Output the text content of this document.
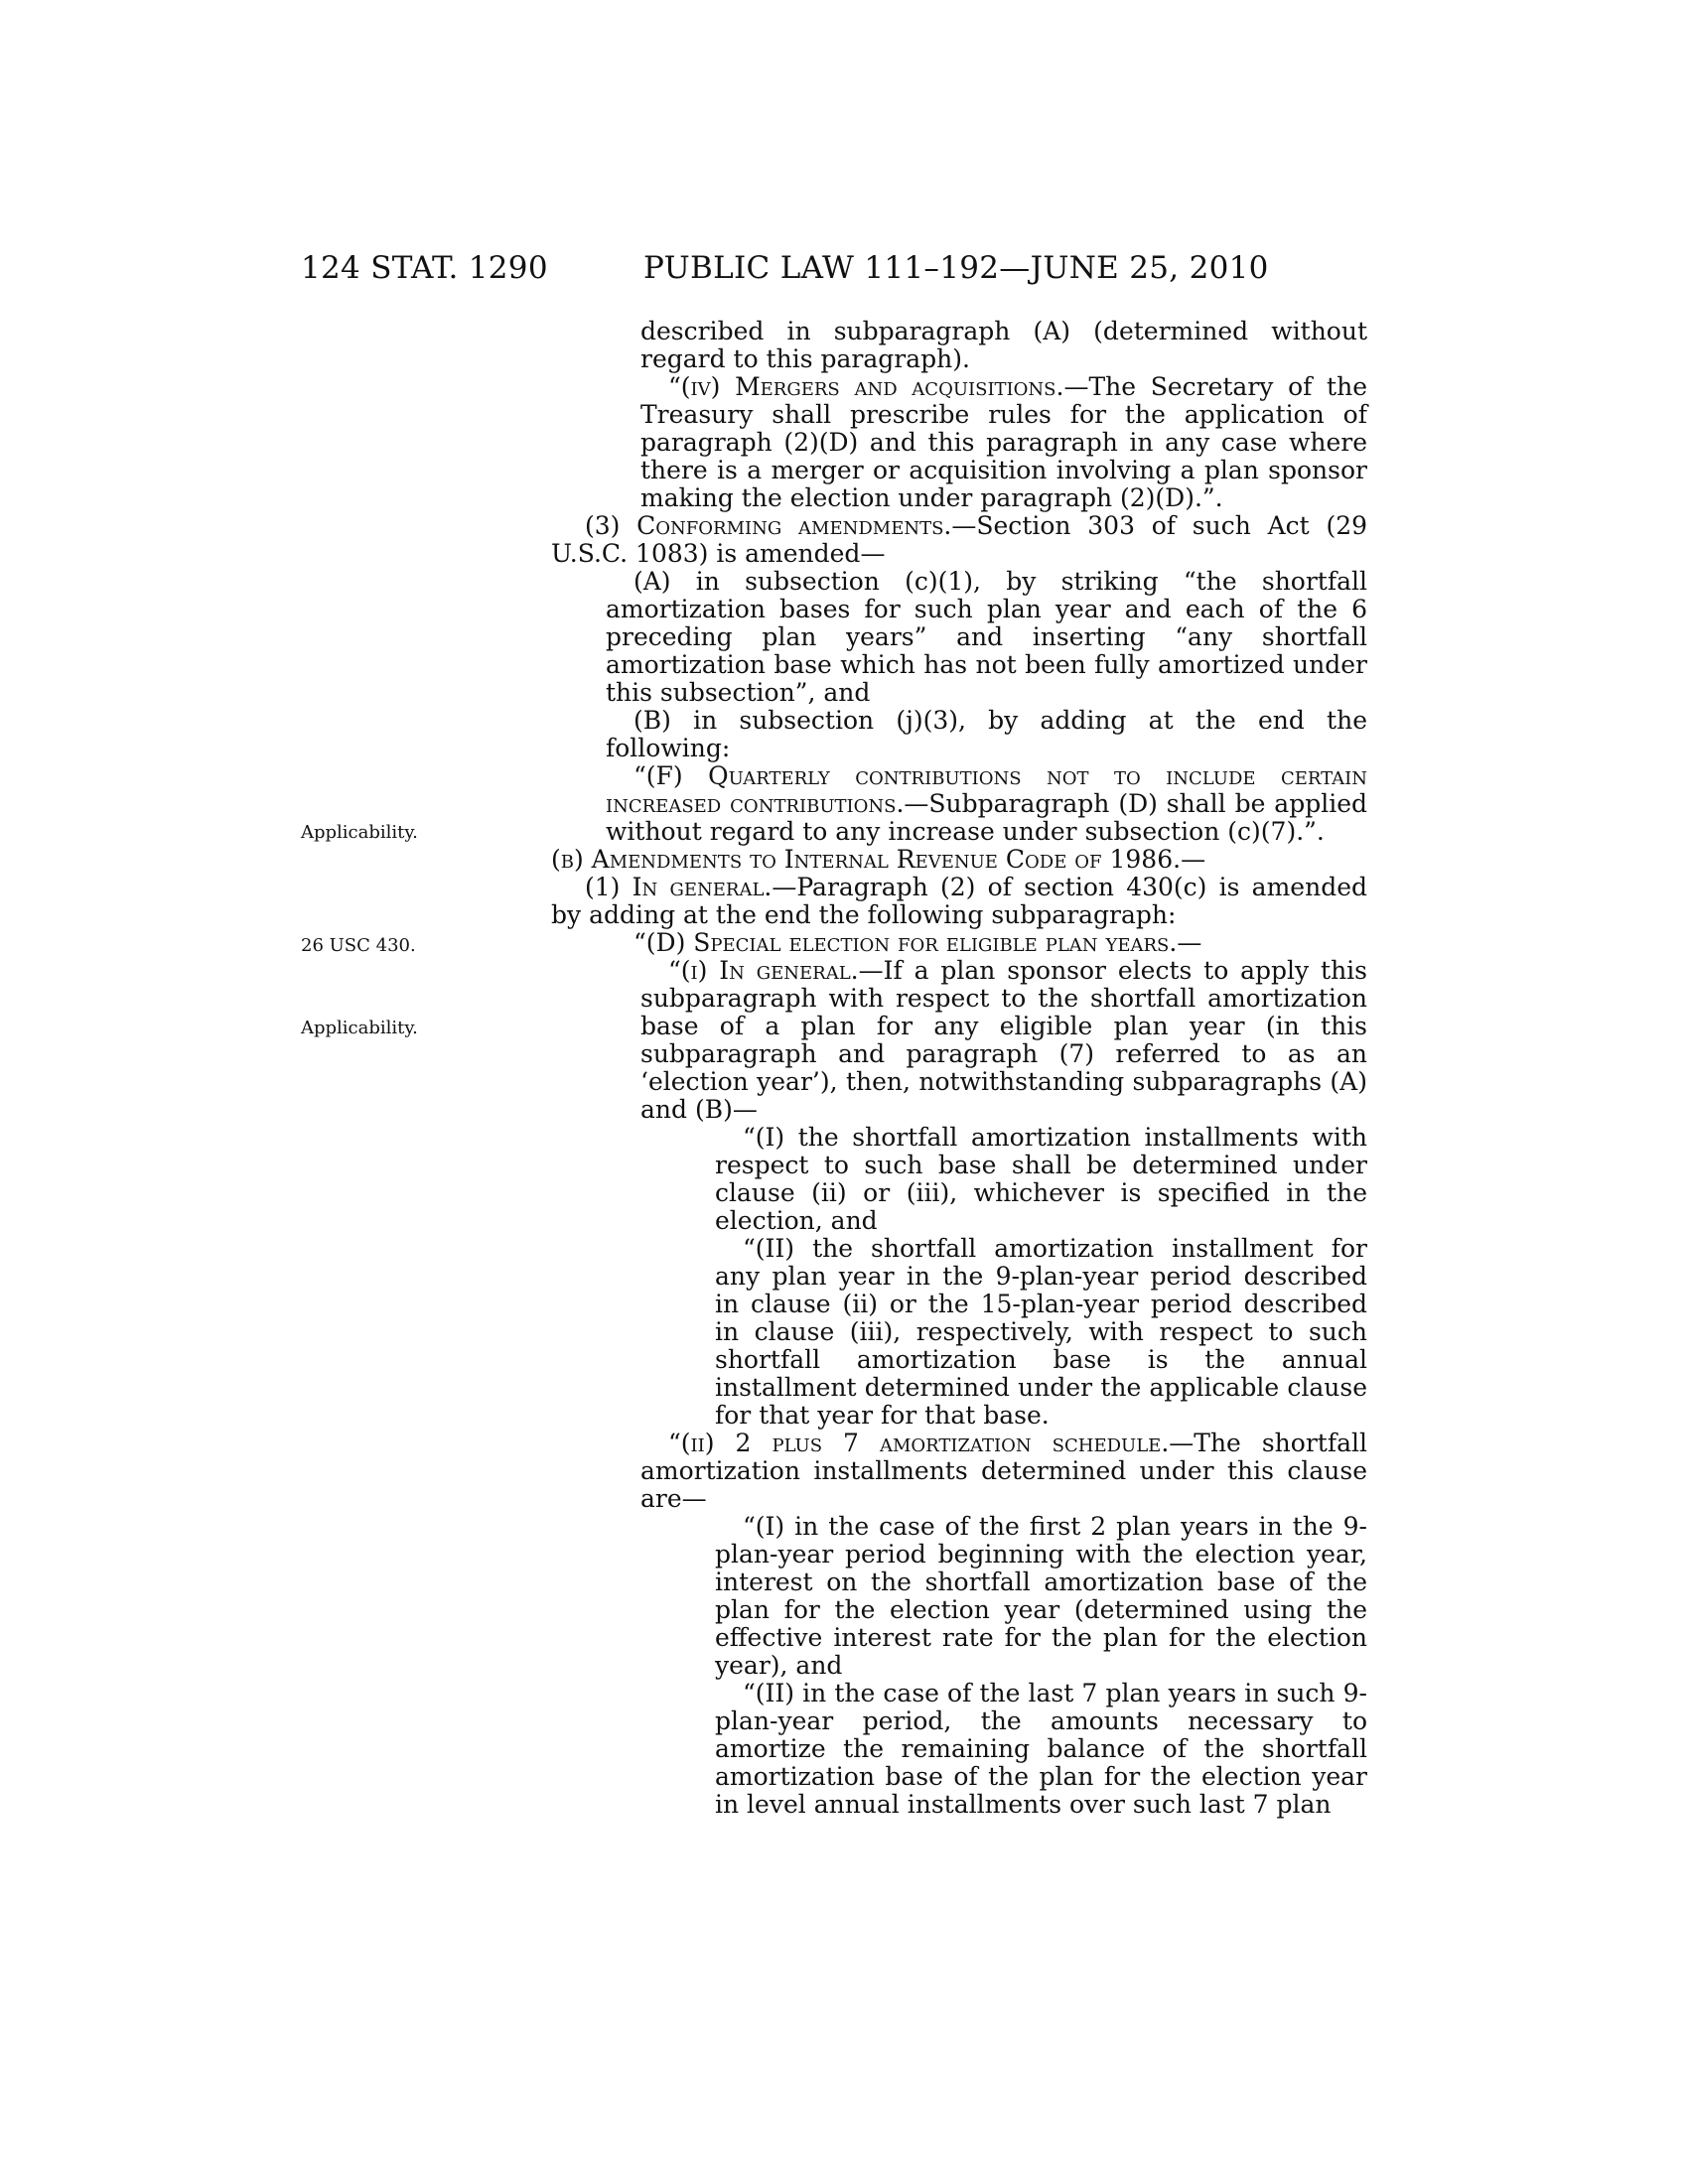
124 STAT. 1290	PUBLIC LAW 111–192—JUNE 25, 2010
Applicability.
26 USC 430.
Applicability.
described in subparagraph (A) (determined without regard to this paragraph).
“(iv) Mergers and acquisitions.—The Secretary of the Treasury shall prescribe rules for the application of paragraph (2)(D) and this paragraph in any case where there is a merger or acquisition involving a plan sponsor making the election under paragraph (2)(D).”.
(3) Conforming amendments.—Section 303 of such Act (29 U.S.C. 1083) is amended—
(A) in subsection (c)(1), by striking “the shortfall amortization bases for such plan year and each of the 6 preceding plan years” and inserting “any shortfall amortization base which has not been fully amortized under this subsection”, and
(B) in subsection (j)(3), by adding at the end the following:
“(F) Quarterly contributions not to include certain increased contributions.—Subparagraph (D) shall be applied without regard to any increase under subsection (c)(7).”.
(b) Amendments to Internal Revenue Code of 1986.—
(1) In general.—Paragraph (2) of section 430(c) is amended by adding at the end the following subparagraph:
“(D) Special election for eligible plan years.—
“(i) In general.—If a plan sponsor elects to apply this subparagraph with respect to the shortfall amortization base of a plan for any eligible plan year (in this subparagraph and paragraph (7) referred to as an ‘election year’), then, notwithstanding subparagraphs (A) and (B)—
“(I) the shortfall amortization installments with respect to such base shall be determined under clause (ii) or (iii), whichever is specified in the election, and
“(II) the shortfall amortization installment for any plan year in the 9-plan-year period described in clause (ii) or the 15-plan-year period described in clause (iii), respectively, with respect to such shortfall amortization base is the annual installment determined under the applicable clause for that year for that base.
“(ii) 2 plus 7 amortization schedule.—The shortfall amortization installments determined under this clause are—
“(I) in the case of the first 2 plan years in the 9-plan-year period beginning with the election year, interest on the shortfall amortization base of the plan for the election year (determined using the effective interest rate for the plan for the election year), and
“(II) in the case of the last 7 plan years in such 9-plan-year period, the amounts necessary to amortize the remaining balance of the shortfall amortization base of the plan for the election year in level annual installments over such last 7 plan
